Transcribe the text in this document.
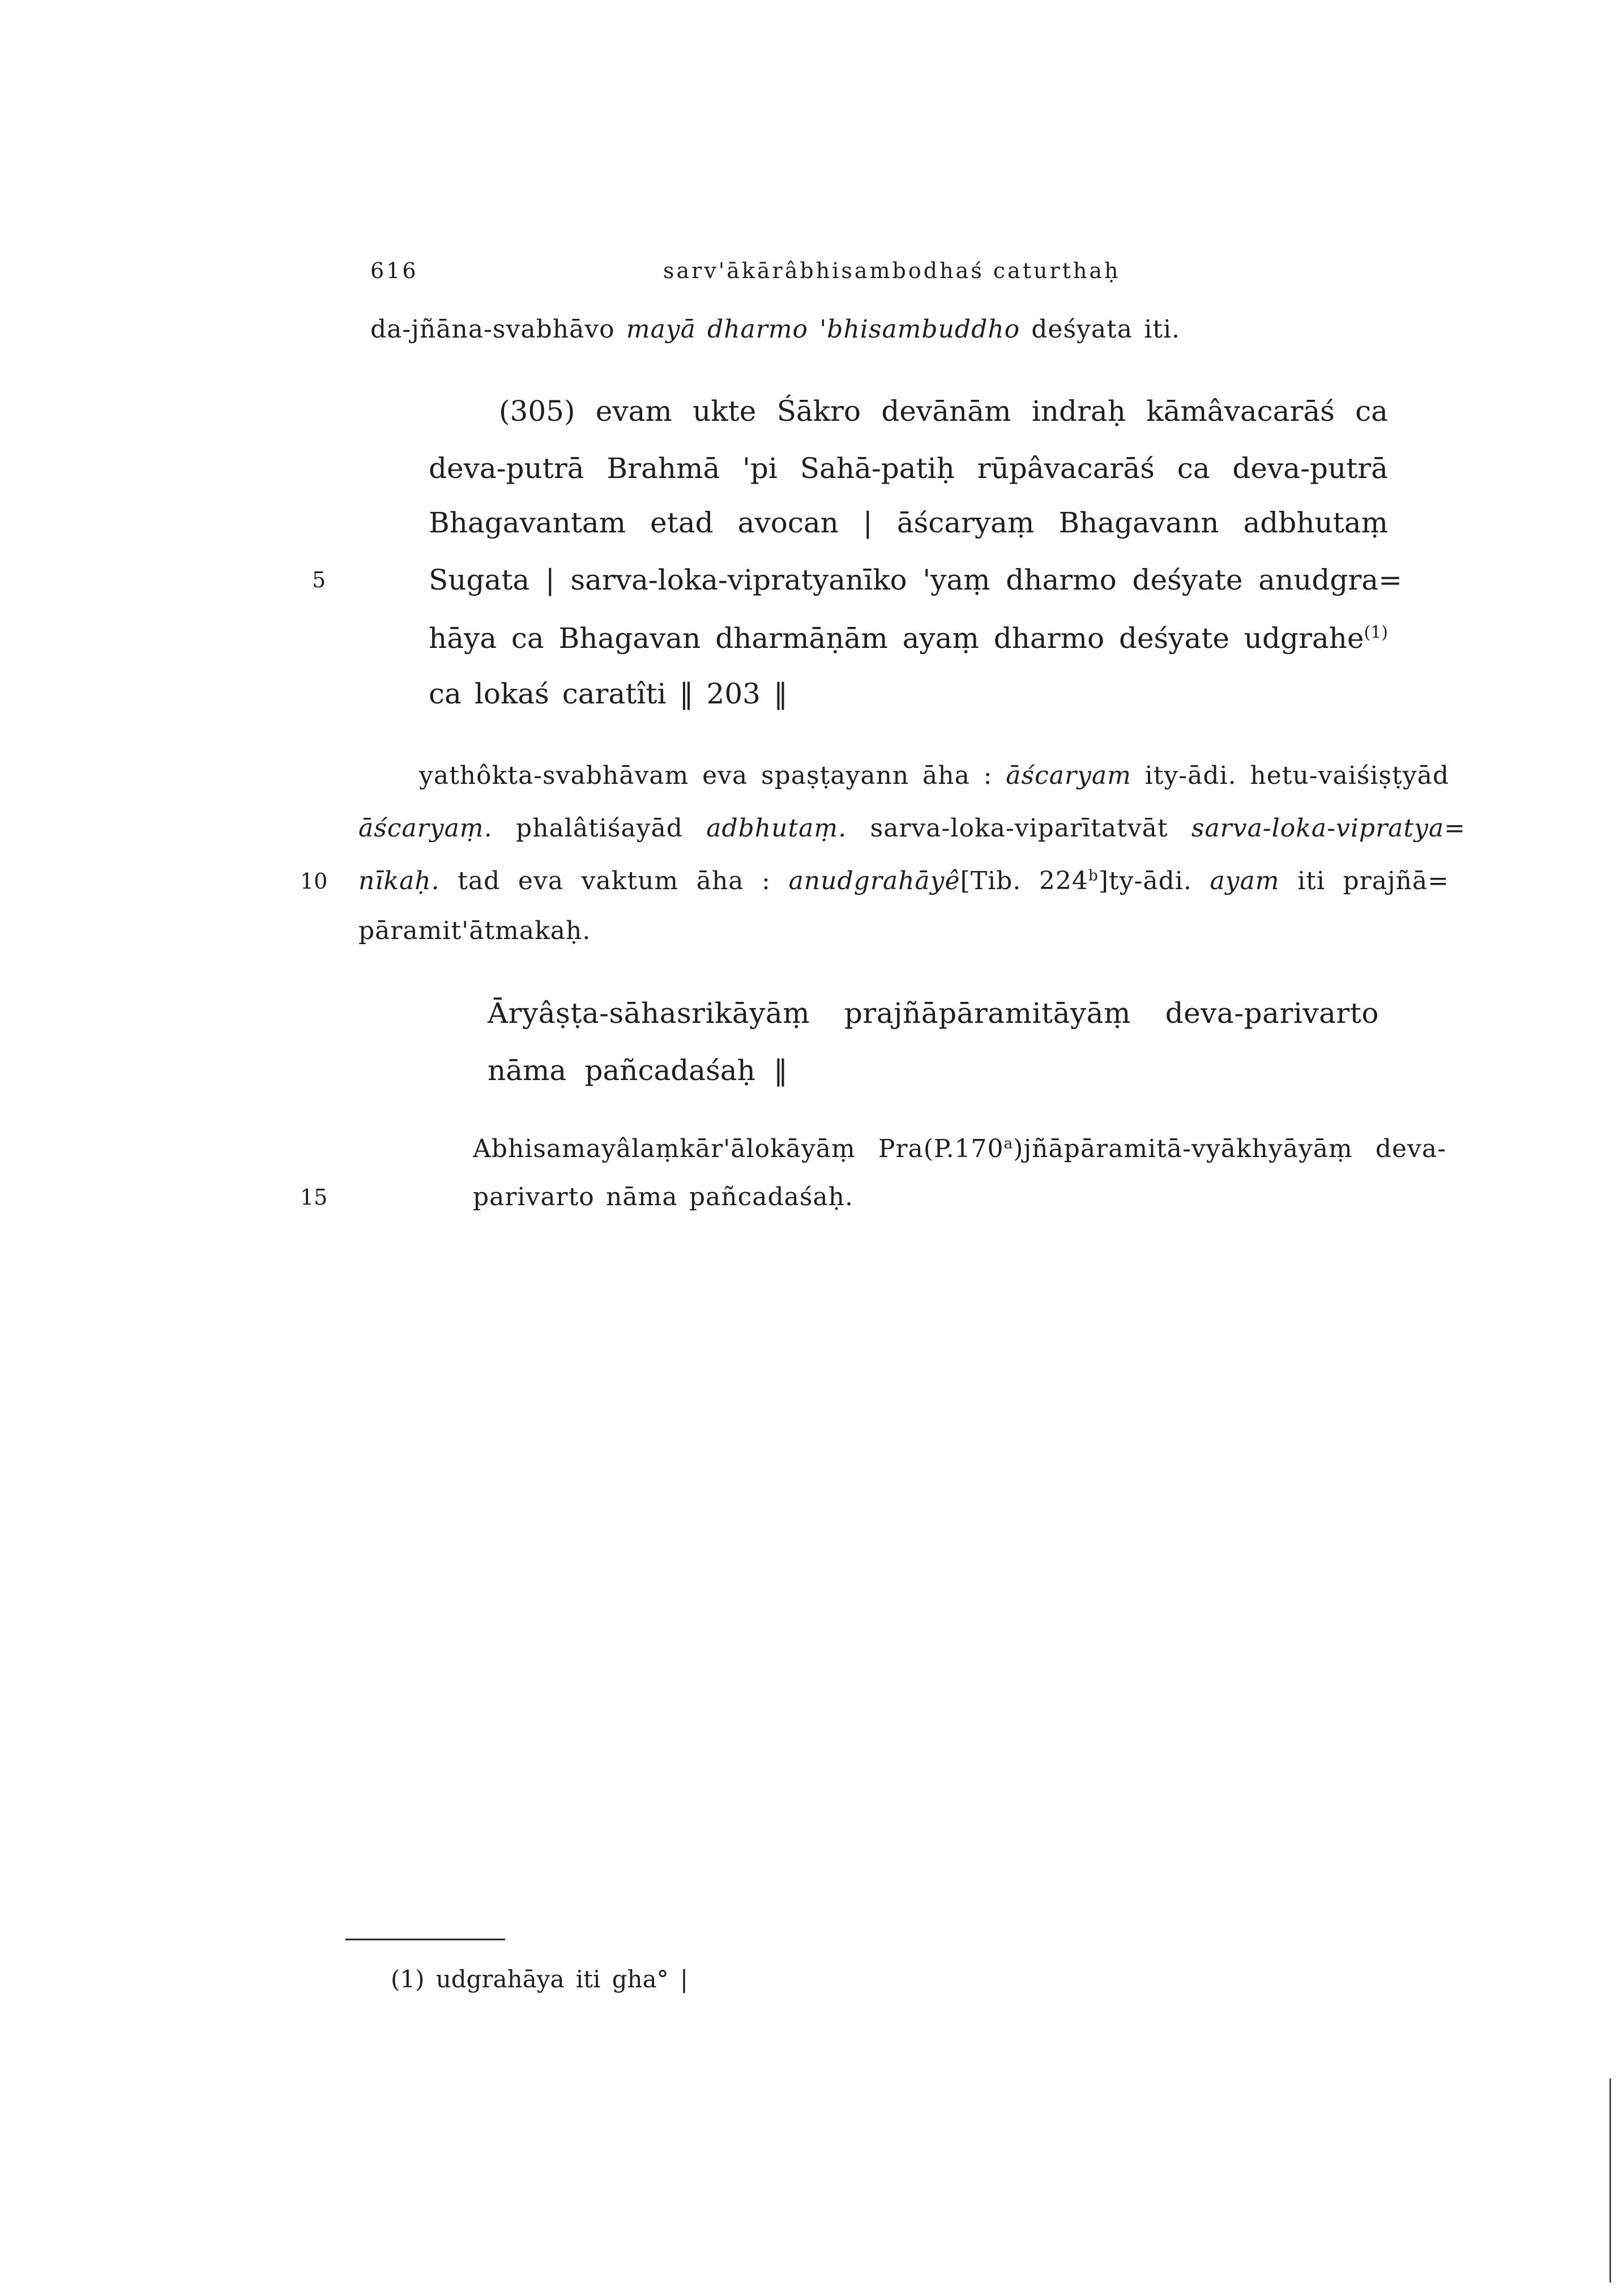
616	sarv'ākārâbhisambodhaś caturthaḥ
da-jñāna-svabhāvo mayā dharmo 'bhisambuddho deśyata iti.
(305) evam ukte Śākro devānām indraḥ kāmâvacarāś ca
deva-putrā Brahmā 'pi Sahā-patiḥ rūpâvacarāś ca deva-putrā
Bhagavantam etad avocan | āścaryaṃ Bhagavann adbhutaṃ
Sugata | sarva-loka-vipratyanīko 'yaṃ dharmo deśyate anudgra=
hāya ca Bhagavan dharmāṇām ayaṃ dharmo deśyate udgrahe$^{(1)}$
ca lokaś caratîti ‖ 203 ‖
5
10
15
yathôkta-svabhāvam eva spaṣṭayann āha : āścaryam ity-ādi. hetu-vaiśiṣṭyād
āścaryaṃ. phalâtiśayād adbhutaṃ. sarva-loka-viparītatvāt sarva-loka-vipratya=
nīkaḥ. tad eva vaktum āha : anudgrahāyê[Tib. 224$^b$]ty-ādi. ayam iti prajñā=
pāramit'ātmakaḥ.
Āryâṣṭa-sāhasrikāyāṃ prajñāpāramitāyāṃ deva-parivarto
nāma pañcadaśaḥ ‖
Abhisamayâlaṃkār'ālokāyāṃ Pra(P.170$^a$)jñāpāramitā-vyākhyāyāṃ deva-
parivarto nāma pañcadaśaḥ.
(1) udgrahāya iti gha° |
